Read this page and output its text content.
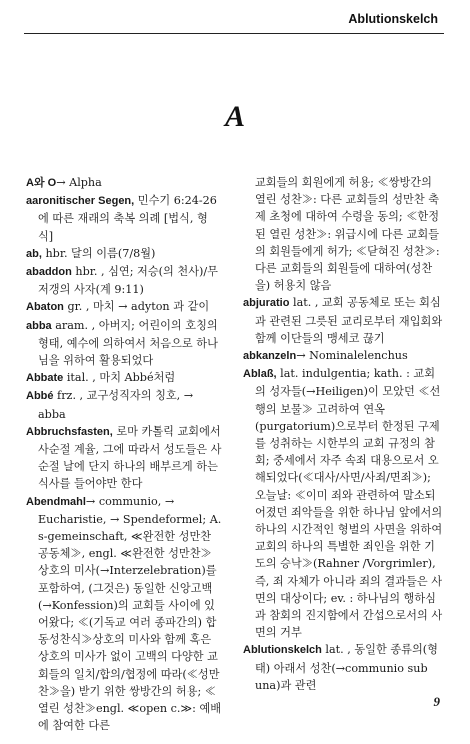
Ablutionskelch
A

A와 O→ Alpha

aaronitischer Segen, 민수기 6:24-26에 따른 재래의 축복 의례 [법식, 형식]

ab, hbr. 달의 이름(7/8월)

abaddon hbr. , 심연; 저승(의 천사)/무저갱의 사자(계 9:11)

Abaton gr. , 마치 → adyton 과 같이

abba aram. , 아버지; 어린이의 호칭의 형태, 예수에 의하여서 처음으로 하나님을 위하여 활용되었다

Abbate ital. , 마치 Abbé처럼

Abbé frz. , 교구성직자의 칭호, → abba

Abbruchsfasten, 로마 카톨릭 교회에서 사순절 계율, 그에 따라서 성도들은 사순절 날에 단지 하나의 배부르게 하는 식사를 들어야만 한다

Abendmahl→ communio, → Eucharistie, → Spendeformel; A. s-gemeinschaft, ≪완전한 성만찬 공동체≫, engl. ≪완전한 성만찬≫ 상호의 미사(→Interzelebration)를 포함하여, (그것은) 동일한 신앙고백(→Konfession)의 교회들 사이에 있어왔다; ≪(기독교 여러 종파간의) 합동성찬식≫상호의 미사와 함께 혹은 상호의 미사가 없이 고백의 다양한 교회들의 일치/합의/협정에 따라(≪성만찬≫을) 받기 위한 쌍방간의 허용; ≪열린 성찬≫engl. ≪open c.≫: 예배에 참여한 다른

교회들의 회원에게 허용; ≪쌍방간의 열린 성찬≫: 다른 교회들의 성만찬 축제 초청에 대하여 수령을 동의; ≪한정된 열린 성찬≫: 위급시에 다른 교회들의 회원들에게 허가; ≪닫혀진 성찬≫: 다른 교회들의 회원들에 대하여(성찬을) 허용치 않음

abjuratio lat. , 교회 공동체로 또는 회심과 관련된 그릇된 교리로부터 재입회와 함께 이단들의 맹세코 끊기

abkanzeln→ Nominalelenchus

Ablaß, lat. indulgentia; kath. : 교회의 성자들(→Heiligen)이 모았던 ≪선행의 보물≫ 고려하여 연옥(purgatorium)으로부터 한정된 구제를 성취하는 시한부의 교회 규정의 참회; 중세에서 자주 속죄 대용으로서 오해되었다(≪대사/사면/사죄/면죄≫); 오늘날: ≪이미 죄와 관련하여 말소되어졌던 죄악들을 위한 하나님 앞에서의 하나의 시간적인 형벌의 사면을 위하여 교회의 하나의 특별한 죄인을 위한 기도의 승낙≫(Rahner /Vorgrimler), 즉, 죄 자체가 아니라 죄의 결과들은 사면의 대상이다; ev. : 하나님의 행하심과 참회의 진지함에서 간섭으로서의 사면의 거부

Ablutionskelch lat. , 동일한 종류의(형태) 아래서 성찬(→communio sub una)과 관련

9
